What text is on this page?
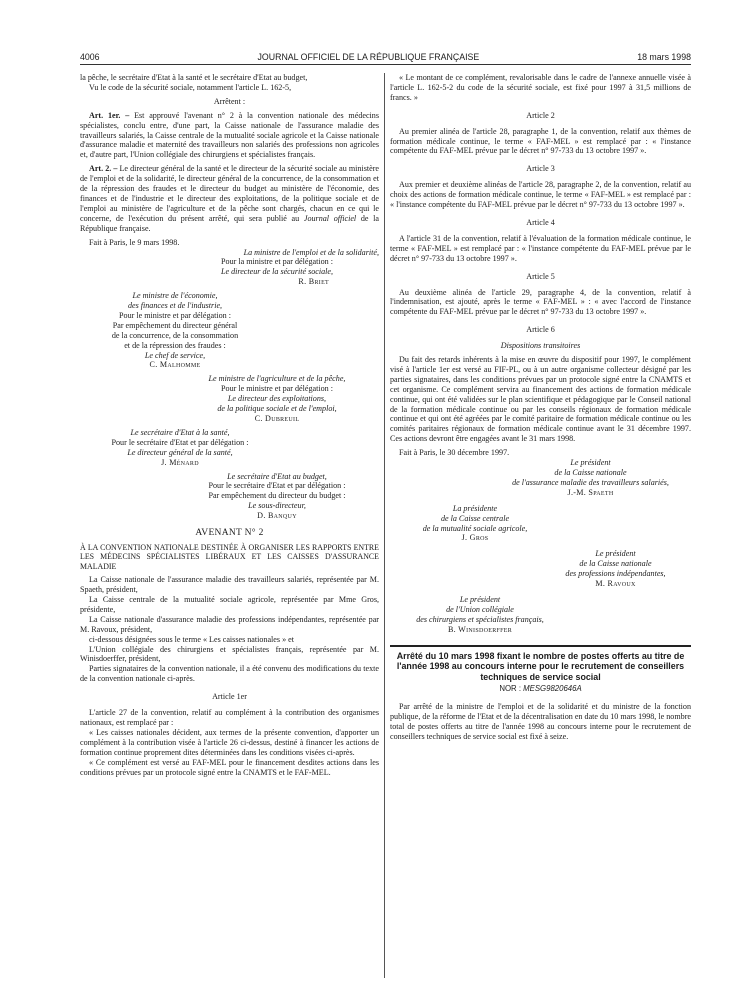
4006	JOURNAL OFFICIEL DE LA RÉPUBLIQUE FRANÇAISE	18 mars 1998

la pêche, le secrétaire d'Etat à la santé et le secrétaire d'Etat au budget,

Vu le code de la sécurité sociale, notamment l'article L. 162-5,

Arrêtent :

Art. 1er. – Est approuvé l'avenant n° 2 à la convention nationale des médecins spécialistes, conclu entre, d'une part, la Caisse nationale de l'assurance maladie des travailleurs salariés, la Caisse centrale de la mutualité sociale agricole et la Caisse nationale d'assurance maladie et maternité des travailleurs non salariés des professions non agricoles et, d'autre part, l'Union collégiale des chirurgiens et spécialistes français.

Art. 2. – Le directeur général de la santé et le directeur de la sécurité sociale au ministère de l'emploi et de la solidarité, le directeur général de la concurrence, de la consommation et de la répression des fraudes et le directeur du budget au ministère de l'économie, des finances et de l'industrie et le directeur des exploitations, de la politique sociale et de l'emploi au ministère de l'agriculture et de la pêche sont chargés, chacun en ce qui le concerne, de l'exécution du présent arrêté, qui sera publié au Journal officiel de la République française.

Fait à Paris, le 9 mars 1998.

La ministre de l'emploi et de la solidarité,

Pour la ministre et par délégation :

Le directeur de la sécurité sociale,

R. Briet

Le ministre de l'économie,

des finances et de l'industrie,

Pour le ministre et par délégation :

Par empêchement du directeur général

de la concurrence, de la consommation

et de la répression des fraudes :

Le chef de service,

C. Malhomme

Le ministre de l'agriculture et de la pêche,

Pour le ministre et par délégation :

Le directeur des exploitations,

de la politique sociale et de l'emploi,

C. Dubreuil

Le secrétaire d'Etat à la santé,

Pour le secrétaire d'Etat et par délégation :

Le directeur général de la santé,

J. Ménard

Le secrétaire d'Etat au budget,

Pour le secrétaire d'Etat et par délégation :

Par empêchement du directeur du budget :

Le sous-directeur,

D. Banquy

AVENANT N° 2

À LA CONVENTION NATIONALE DESTINÉE À ORGANISER LES RAPPORTS ENTRE LES MÉDECINS SPÉCIALISTES LIBÉRAUX ET LES CAISSES D'ASSURANCE MALADIE

La Caisse nationale de l'assurance maladie des travailleurs salariés, représentée par M. Spaeth, président,

La Caisse centrale de la mutualité sociale agricole, représentée par Mme Gros, présidente,

La Caisse nationale d'assurance maladie des professions indépendantes, représentée par M. Ravoux, président,

ci-dessous désignées sous le terme « Les caisses nationales » et

L'Union collégiale des chirurgiens et spécialistes français, représentée par M. Winisdoerffer, président,

Parties signataires de la convention nationale, il a été convenu des modifications du texte de la convention nationale ci-après.

Article 1er

L'article 27 de la convention, relatif au complément à la contribution des organismes nationaux, est remplacé par :

« Les caisses nationales décident, aux termes de la présente convention, d'apporter un complément à la contribution visée à l'article 26 ci-dessus, destiné à financer les actions de formation continue proprement dites déterminées dans les conditions visées ci-après.

« Ce complément est versé au FAF-MEL pour le financement desdites actions dans les conditions prévues par un protocole signé entre la CNAMTS et le FAF-MEL.

« Le montant de ce complément, revalorisable dans le cadre de l'annexe annuelle visée à l'article L. 162-5-2 du code de la sécurité sociale, est fixé pour 1997 à 31,5 millions de francs. »

Article 2

Au premier alinéa de l'article 28, paragraphe 1, de la convention, relatif aux thèmes de formation médicale continue, le terme « FAF-MEL » est remplacé par : « l'instance compétente du FAF-MEL prévue par le décret n° 97-733 du 13 octobre 1997 ».

Article 3

Aux premier et deuxième alinéas de l'article 28, paragraphe 2, de la convention, relatif au choix des actions de formation médicale continue, le terme « FAF-MEL » est remplacé par : « l'instance compétente du FAF-MEL prévue par le décret n° 97-733 du 13 octobre 1997 ».

Article 4

A l'article 31 de la convention, relatif à l'évaluation de la formation médicale continue, le terme « FAF-MEL » est remplacé par : « l'instance compétente du FAF-MEL prévue par le décret n° 97-733 du 13 octobre 1997 ».

Article 5

Au deuxième alinéa de l'article 29, paragraphe 4, de la convention, relatif à l'indemnisation, est ajouté, après le terme « FAF-MEL » : « avec l'accord de l'instance compétente du FAF-MEL prévue par le décret n° 97-733 du 13 octobre 1997 ».

Article 6

Dispositions transitoires

Du fait des retards inhérents à la mise en œuvre du dispositif pour 1997, le complément visé à l'article 1er est versé au FIF-PL, ou à un autre organisme collecteur désigné par les parties signataires, dans les conditions prévues par un protocole signé entre la CNAMTS et cet organisme. Ce complément servira au financement des actions de formation médicale continue, qui ont été validées sur le plan scientifique et pédagogique par le Conseil national de la formation médicale continue ou par les conseils régionaux de formation médicale continue et qui ont été agréées par le comité paritaire de formation médicale continue ou les comités paritaires régionaux de formation médicale continue avant le 31 décembre 1997. Ces actions devront être engagées avant le 31 mars 1998.

Fait à Paris, le 30 décembre 1997.

Le président

de la Caisse nationale

de l'assurance maladie des travailleurs salariés,

J.-M. Spaeth

La présidente

de la Caisse centrale

de la mutualité sociale agricole,

J. Gros

Le président

de la Caisse nationale

des professions indépendantes,

M. Ravoux

Le président

de l'Union collégiale

des chirurgiens et spécialistes français,

B. Winisdoerffer

Arrêté du 10 mars 1998 fixant le nombre de postes offerts au titre de l'année 1998 au concours interne pour le recrutement de conseillers techniques de service social

NOR : MESG9820646A

Par arrêté de la ministre de l'emploi et de la solidarité et du ministre de la fonction publique, de la réforme de l'Etat et de la décentralisation en date du 10 mars 1998, le nombre total de postes offerts au titre de l'année 1998 au concours interne pour le recrutement de conseillers techniques de service social est fixé à seize.
